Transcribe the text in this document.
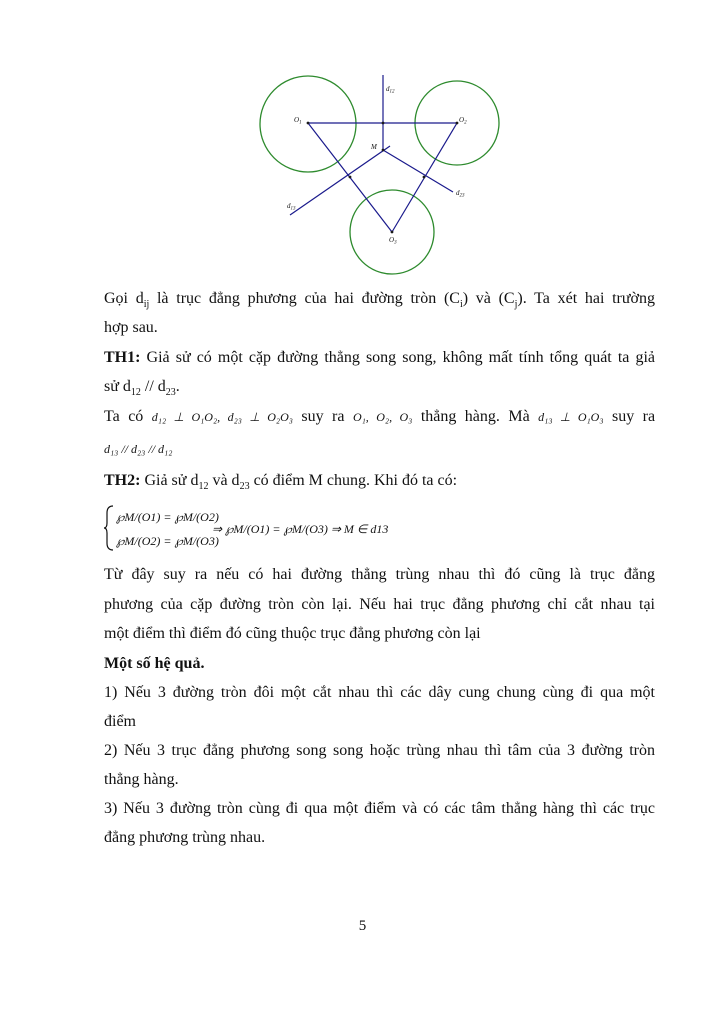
$d_{12}$
$O_1$	$O_2$
M
$d_{23}$
$d_{13}$
$O_3$
Gọi $d_{ij}$ là trục đẳng phương của hai đường tròn $(C_i)$ và $(C_j)$. Ta xét hai trường
hợp sau.
TH1: Giả sử có một cặp đường thẳng song song, không mất tính tổng quát ta giả
sử $d_{12} // d_{23}$.
Ta có d₁₂ ⊥ O₁O₂, d₂₃ ⊥ O₂O₃ suy ra O₁, O₂, O₃ thẳng hàng. Mà d₁₃ ⊥ O₁O₃ suy ra
d₁₃ // d₂₃ // d₁₂
TH2: Giả sử $d_{12}$ và $d_{23}$ có điểm M chung. Khi đó ta có:
℘M/(O1) = ℘M/(O2)
℘M/(O2) = ℘M/(O3)
⇒ ℘M/(O1) = ℘M/(O3) ⇒ M ∈ d13
Từ đây suy ra nếu có hai đường thẳng trùng nhau thì đó cũng là trục đẳng
phương của cặp đường tròn còn lại. Nếu hai trục đẳng phương chỉ cắt nhau tại
một điểm thì điểm đó cũng thuộc trục đẳng phương còn lại
Một số hệ quả.
1) Nếu 3 đường tròn đôi một cắt nhau thì các dây cung chung cùng đi qua một
điểm
2) Nếu 3 trục đẳng phương song song hoặc trùng nhau thì tâm của 3 đường tròn
thẳng hàng.
3) Nếu 3 đường tròn cùng đi qua một điểm và có các tâm thẳng hàng thì các trục
đẳng phương trùng nhau.
5
